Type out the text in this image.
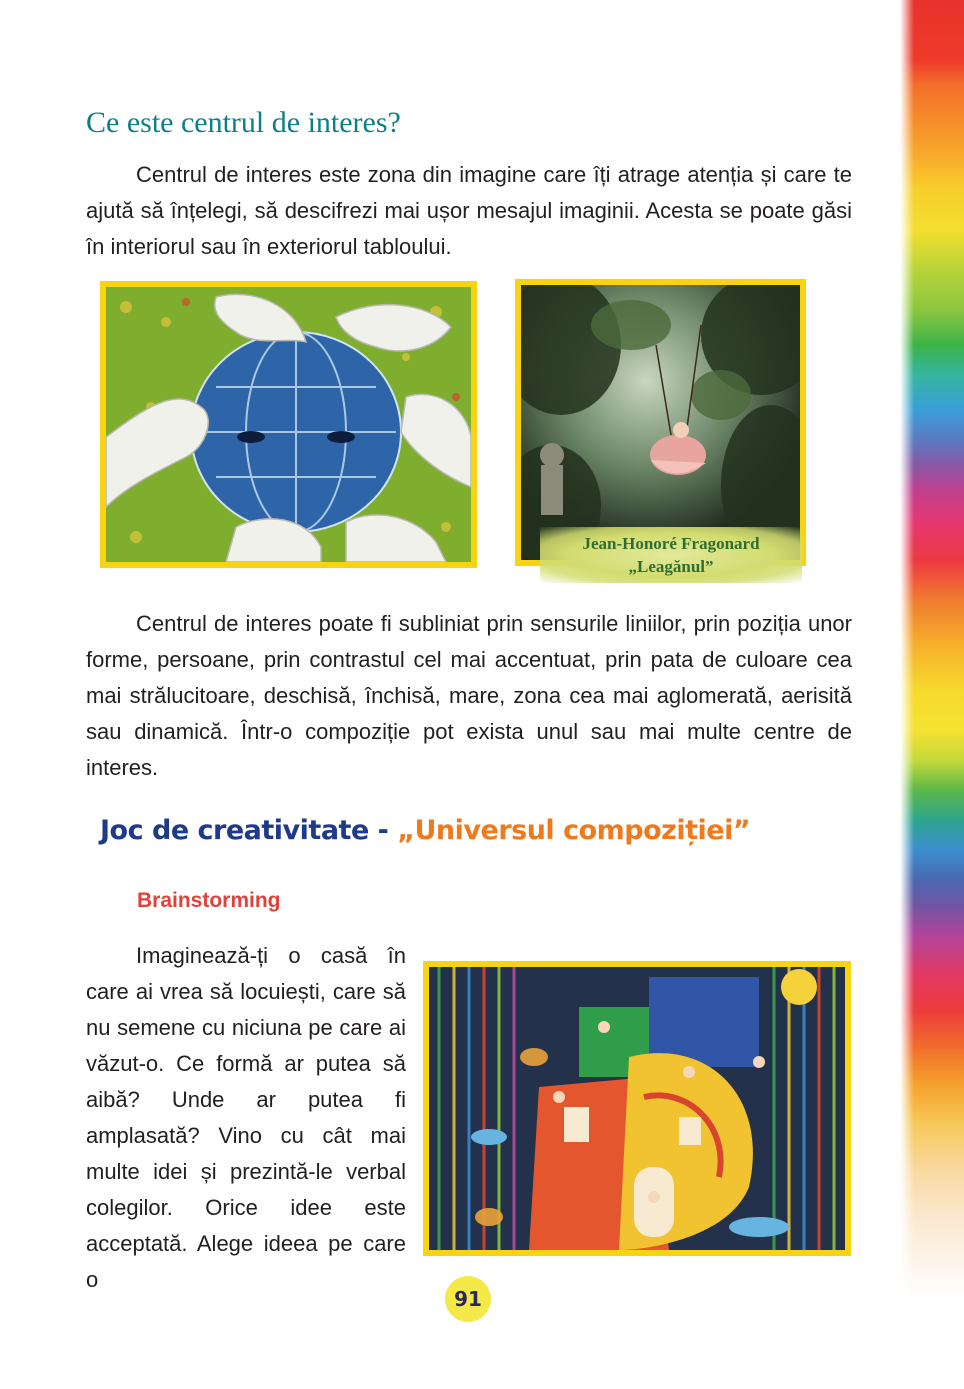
Ce este centrul de interes?

Centrul de interes este zona din imagine care îți atrage atenția și care te ajută să înțelegi, să descifrezi mai ușor mesajul imaginii. Acesta se poate găsi în interiorul sau în exteriorul tabloului.

Jean-Honoré Fragonard
„Leagănul”

Centrul de interes poate fi subliniat prin sensurile liniilor, prin poziția unor forme, persoane, prin contrastul cel mai accentuat, prin pata de culoare cea mai strălucitoare, deschisă, închisă, mare, zona cea mai aglomerată, aerisită sau dinamică. Într-o compoziție pot exista unul sau mai multe centre de interes.

Joc de creativitate - „Universul compoziției”
Brainstorming

Imaginează-ți o casă în care ai vrea să locuiești, care să nu semene cu niciuna pe care ai văzut-o. Ce formă ar putea să aibă? Unde ar putea fi amplasată? Vino cu cât mai multe idei și prezintă-le verbal colegilor. Orice idee este acceptată. Alege ideea pe care o

91
